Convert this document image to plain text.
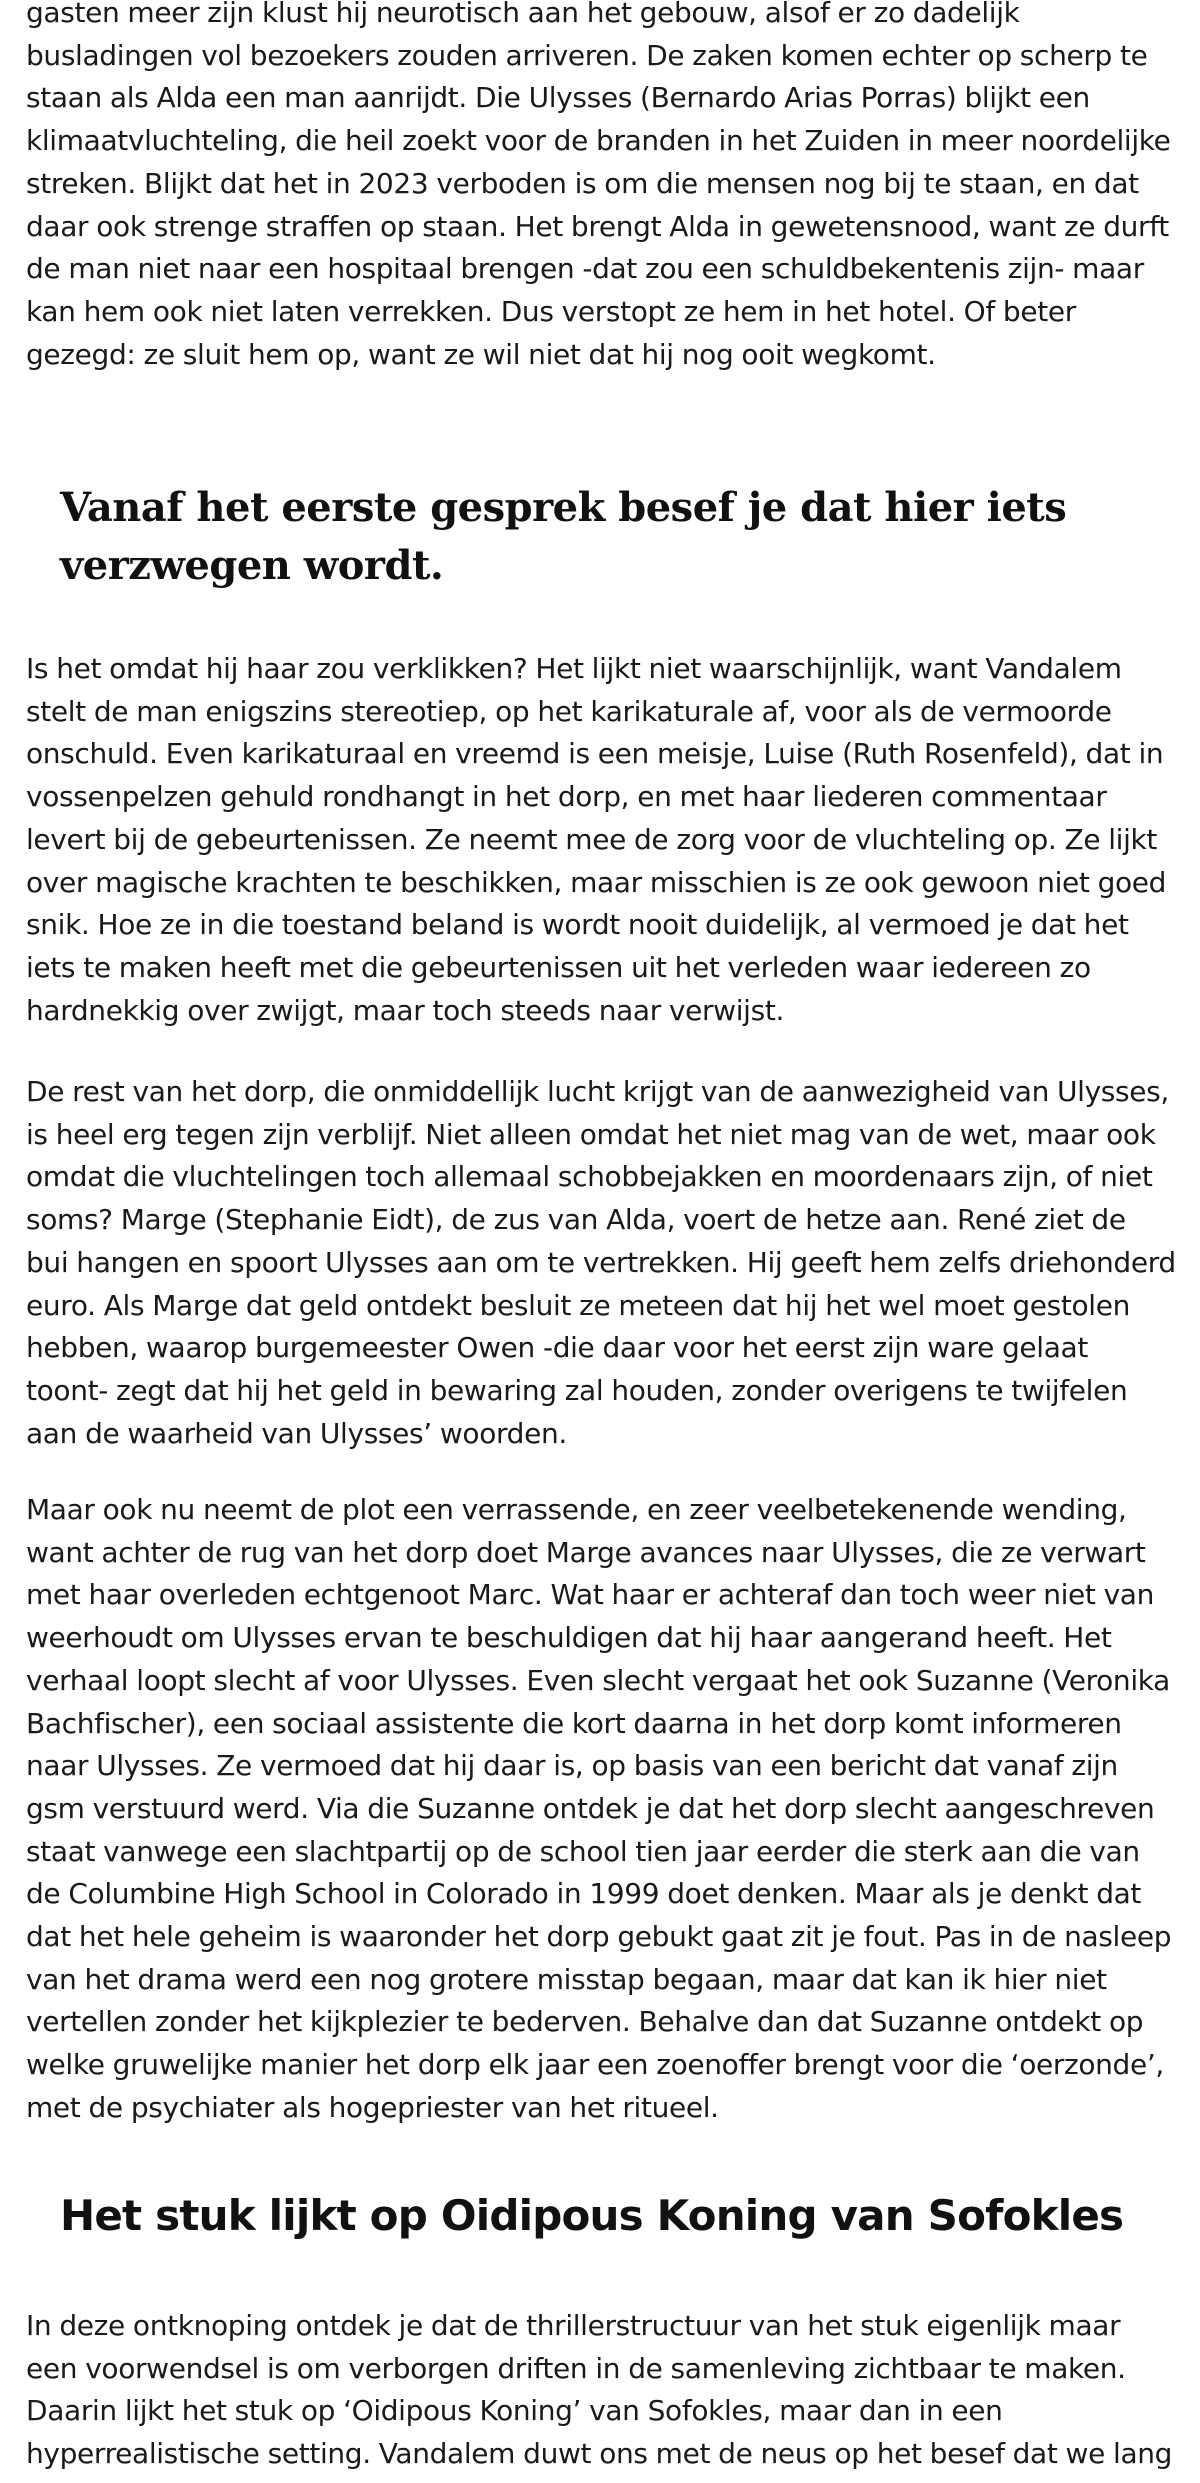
gasten meer zijn klust hij neurotisch aan het gebouw, alsof er zo dadelijk busladingen vol bezoekers zouden arriveren. De zaken komen echter op scherp te staan als Alda een man aanrijdt. Die Ulysses (Bernardo Arias Porras) blijkt een klimaatvluchteling, die heil zoekt voor de branden in het Zuiden in meer noordelijke streken. Blijkt dat het in 2023 verboden is om die mensen nog bij te staan, en dat daar ook strenge straffen op staan. Het brengt Alda in gewetensnood, want ze durft de man niet naar een hospitaal brengen -dat zou een schuldbekentenis zijn- maar kan hem ook niet laten verrekken. Dus verstopt ze hem in het hotel. Of beter gezegd: ze sluit hem op, want ze wil niet dat hij nog ooit wegkomt.

Vanaf het eerste gesprek besef je dat hier iets verzwegen wordt.

Is het omdat hij haar zou verklikken? Het lijkt niet waarschijnlijk, want Vandalem stelt de man enigszins stereotiep, op het karikaturale af, voor als de vermoorde onschuld. Even karikaturaal en vreemd is een meisje, Luise (Ruth Rosenfeld), dat in vossenpelzen gehuld rondhangt in het dorp, en met haar liederen commentaar levert bij de gebeurtenissen. Ze neemt mee de zorg voor de vluchteling op. Ze lijkt over magische krachten te beschikken, maar misschien is ze ook gewoon niet goed snik. Hoe ze in die toestand beland is wordt nooit duidelijk, al vermoed je dat het iets te maken heeft met die gebeurtenissen uit het verleden waar iedereen zo hardnekkig over zwijgt, maar toch steeds naar verwijst.

De rest van het dorp, die onmiddellijk lucht krijgt van de aanwezigheid van Ulysses, is heel erg tegen zijn verblijf. Niet alleen omdat het niet mag van de wet, maar ook omdat die vluchtelingen toch allemaal schobbejakken en moordenaars zijn, of niet soms? Marge (Stephanie Eidt), de zus van Alda, voert de hetze aan. René ziet de bui hangen en spoort Ulysses aan om te vertrekken. Hij geeft hem zelfs driehonderd euro. Als Marge dat geld ontdekt besluit ze meteen dat hij het wel moet gestolen hebben, waarop burgemeester Owen -die daar voor het eerst zijn ware gelaat toont- zegt dat hij het geld in bewaring zal houden, zonder overigens te twijfelen aan de waarheid van Ulysses’ woorden.

Maar ook nu neemt de plot een verrassende, en zeer veelbetekenende wending, want achter de rug van het dorp doet Marge avances naar Ulysses, die ze verwart met haar overleden echtgenoot Marc. Wat haar er achteraf dan toch weer niet van weerhoudt om Ulysses ervan te beschuldigen dat hij haar aangerand heeft. Het verhaal loopt slecht af voor Ulysses. Even slecht vergaat het ook Suzanne (Veronika Bachfischer), een sociaal assistente die kort daarna in het dorp komt informeren naar Ulysses. Ze vermoed dat hij daar is, op basis van een bericht dat vanaf zijn gsm verstuurd werd. Via die Suzanne ontdek je dat het dorp slecht aangeschreven staat vanwege een slachtpartij op de school tien jaar eerder die sterk aan die van de Columbine High School in Colorado in 1999 doet denken. Maar als je denkt dat dat het hele geheim is waaronder het dorp gebukt gaat zit je fout. Pas in de nasleep van het drama werd een nog grotere misstap begaan, maar dat kan ik hier niet vertellen zonder het kijkplezier te bederven. Behalve dan dat Suzanne ontdekt op welke gruwelijke manier het dorp elk jaar een zoenoffer brengt voor die ‘oerzonde’, met de psychiater als hogepriester van het ritueel.

Het stuk lijkt op Oidipous Koning van Sofokles

In deze ontknoping ontdek je dat de thrillerstructuur van het stuk eigenlijk maar een voorwendsel is om verborgen driften in de samenleving zichtbaar te maken. Daarin lijkt het stuk op ‘Oidipous Koning’ van Sofokles, maar dan in een hyperrealistische setting. Vandalem duwt ons met de neus op het besef dat we lang
